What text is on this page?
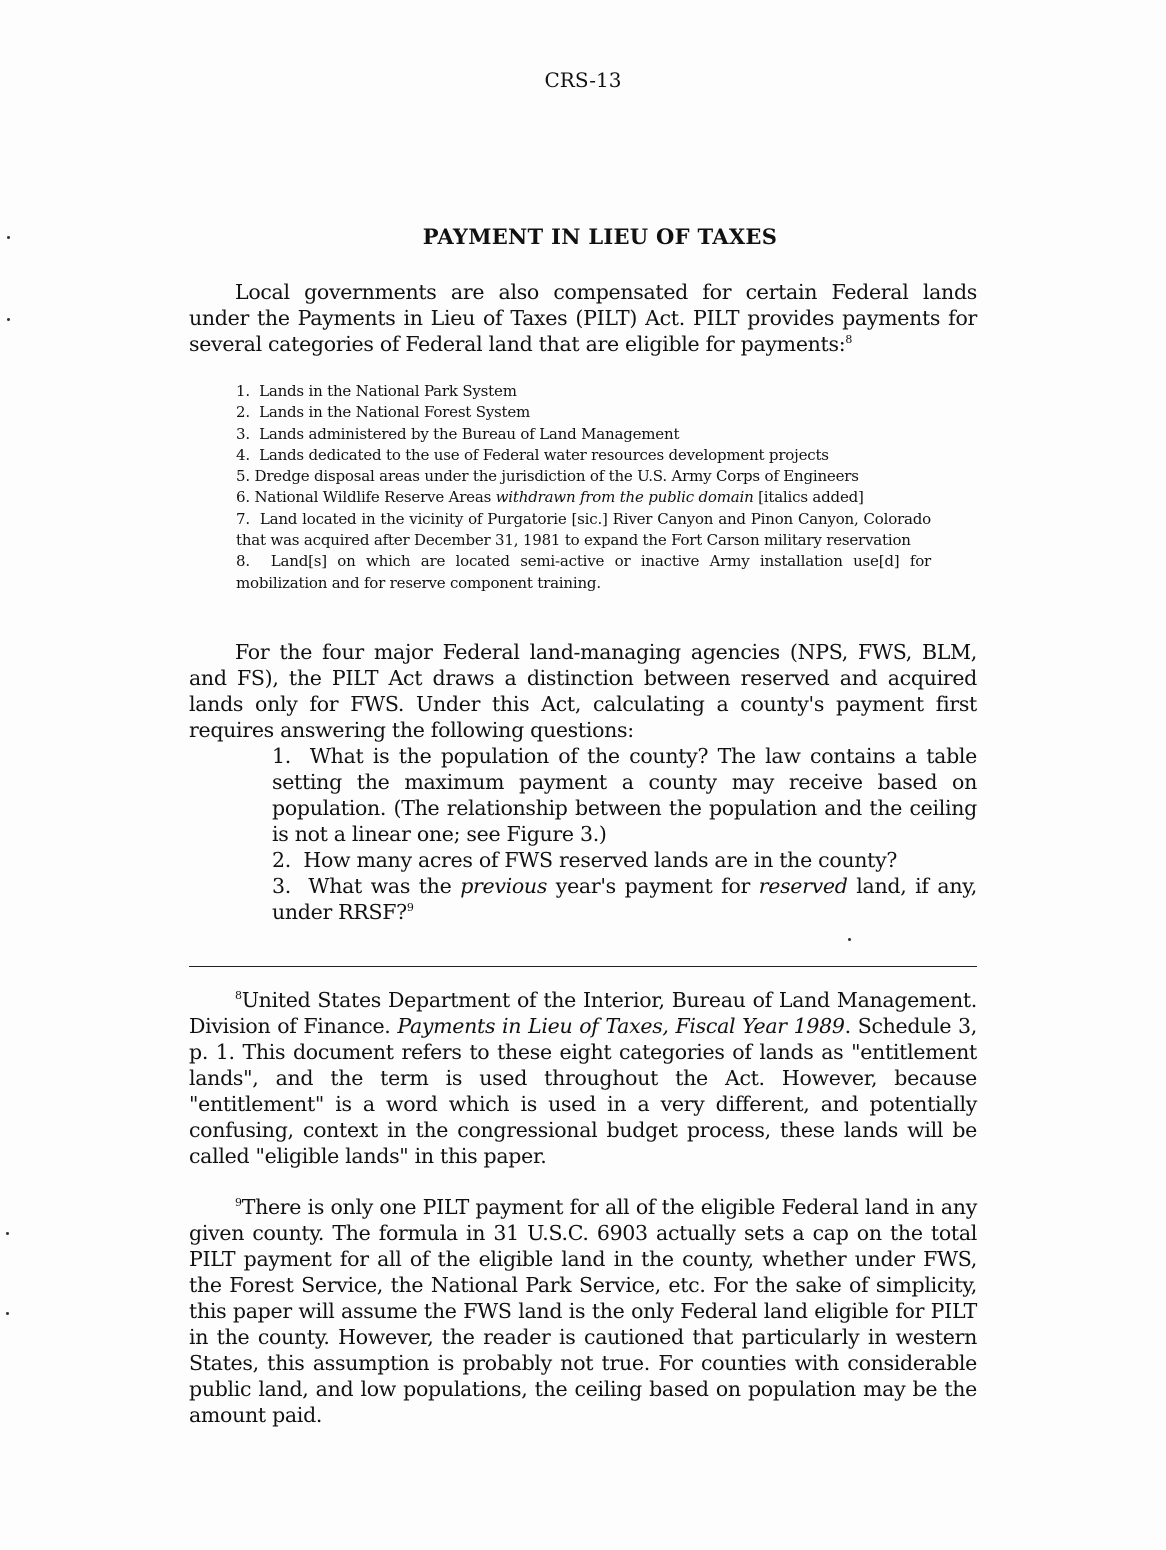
CRS-13
PAYMENT IN LIEU OF TAXES

Local governments are also compensated for certain Federal lands under the Payments in Lieu of Taxes (PILT) Act. PILT provides payments for several categories of Federal land that are eligible for payments:$^8$

1. Lands in the National Park System
2. Lands in the National Forest System
3. Lands administered by the Bureau of Land Management
4. Lands dedicated to the use of Federal water resources development projects
5. Dredge disposal areas under the jurisdiction of the U.S. Army Corps of Engineers
6. National Wildlife Reserve Areas withdrawn from the public domain [italics added]
7. Land located in the vicinity of Purgatorie [sic.] River Canyon and Pinon Canyon, Colorado that was acquired after December 31, 1981 to expand the Fort Carson military reservation
8. Land[s] on which are located semi-active or inactive Army installation use[d] for mobilization and for reserve component training.

For the four major Federal land-managing agencies (NPS, FWS, BLM, and FS), the PILT Act draws a distinction between reserved and acquired lands only for FWS. Under this Act, calculating a county's payment first requires answering the following questions:

1. What is the population of the county? The law contains a table setting the maximum payment a county may receive based on population. (The relationship between the population and the ceiling is not a linear one; see Figure 3.)
2. How many acres of FWS reserved lands are in the county?
3. What was the previous year's payment for reserved land, if any, under RRSF?$^9$

$^8$United States Department of the Interior, Bureau of Land Management. Division of Finance. Payments in Lieu of Taxes, Fiscal Year 1989. Schedule 3, p. 1. This document refers to these eight categories of lands as "entitlement lands", and the term is used throughout the Act. However, because "entitlement" is a word which is used in a very different, and potentially confusing, context in the congressional budget process, these lands will be called "eligible lands" in this paper.

$^9$There is only one PILT payment for all of the eligible Federal land in any given county. The formula in 31 U.S.C. 6903 actually sets a cap on the total PILT payment for all of the eligible land in the county, whether under FWS, the Forest Service, the National Park Service, etc. For the sake of simplicity, this paper will assume the FWS land is the only Federal land eligible for PILT in the county. However, the reader is cautioned that particularly in western States, this assumption is probably not true. For counties with considerable public land, and low populations, the ceiling based on population may be the amount paid.
